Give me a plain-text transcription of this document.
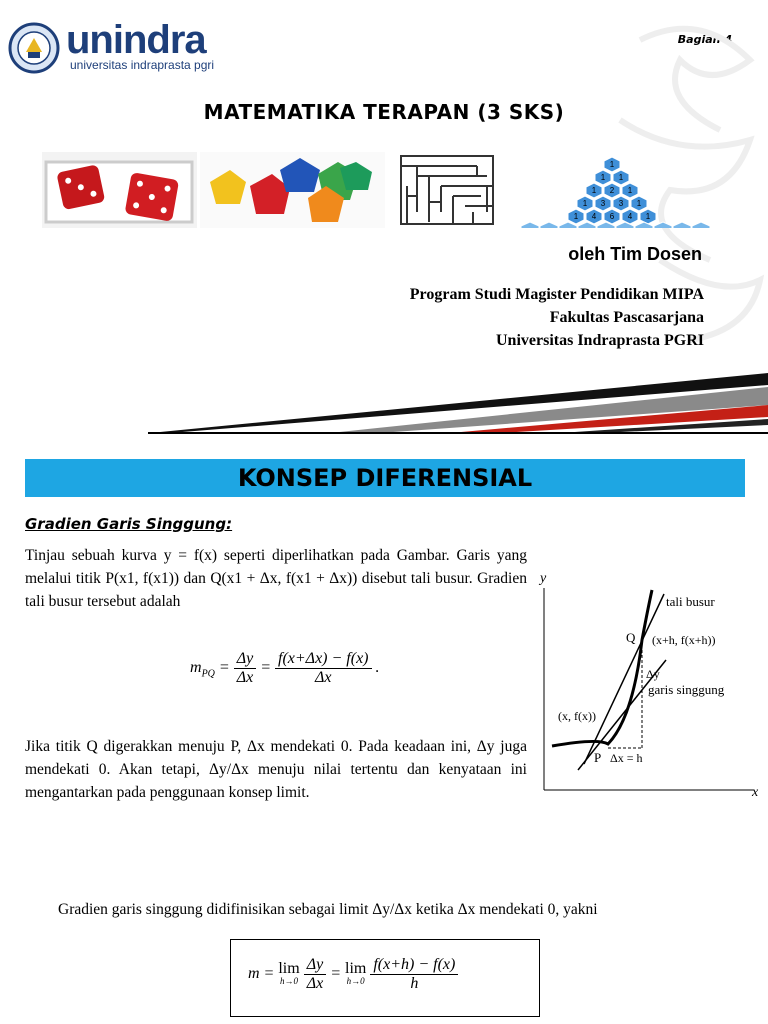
unindra
universitas indraprasta pgri
Bagian 4
MATEMATIKA TERAPAN (3 SKS)
1
1 1
1 2 1
1 3 3 1
1 4 6 4 1
oleh Tim Dosen
Program Studi Magister Pendidikan MIPA
Fakultas Pascasarjana
Universitas Indraprasta PGRI
KONSEP DIFERENSIAL
Gradien Garis Singgung:
Tinjau sebuah kurva y = f(x) seperti diperlihatkan pada Gambar. Garis yang melalui titik P(x1, f(x1)) dan Q(x1 + Δx, f(x1 + Δx)) disebut tali busur. Gradien tali busur tersebut adalah
$m_{PQ} = \frac{\Delta y}{\Delta x} = \frac{f(x+\Delta x) - f(x)}{\Delta x}$ .
Jika titik Q digerakkan menuju P, Δx mendekati 0. Pada keadaan ini, Δy juga mendekati 0. Akan tetapi, Δy/Δx menuju nilai tertentu dan kenyataan ini mengantarkan pada penggunaan konsep limit.
y
x
tali busur
garis singgung
Q (x+h, f(x+h))
Δy
(x, f(x))
P Δx = h
Gradien garis singgung didifinisikan sebagai limit Δy/Δx ketika Δx mendekati 0, yakni
m = lim
h→0
$\frac{\Delta y}{\Delta x} = \lim$
h→0
$\frac{f(x+h) - f(x)}{h}$
